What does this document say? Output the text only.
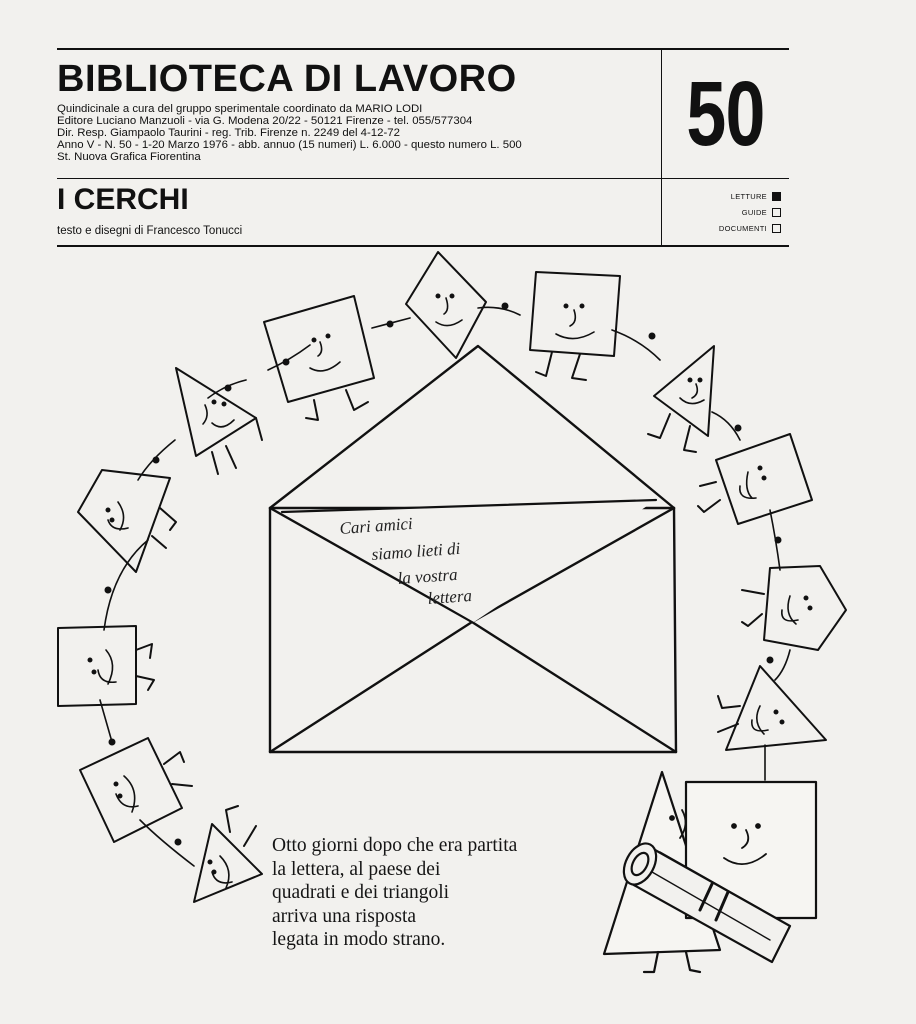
BIBLIOTECA DI LAVORO
Quindicinale a cura del gruppo sperimentale coordinato da MARIO LODI
Editore Luciano Manzuoli - via G. Modena 20/22 - 50121 Firenze - tel. 055/577304
Dir. Resp. Giampaolo Taurini - reg. Trib. Firenze n. 2249 del 4-12-72
Anno V - N. 50 - 1-20 Marzo 1976 - abb. annuo (15 numeri) L. 6.000 - questo numero L. 500
St. Nuova Grafica Fiorentina
I CERCHI
testo e disegni di Francesco Tonucci
50
LETTURE
GUIDE
DOCUMENTI
Cari amici
siamo lieti di
la vostra
lettera
Otto giorni dopo che era partita
la lettera, al paese dei
quadrati e dei triangoli
arriva una risposta
legata in modo strano.
